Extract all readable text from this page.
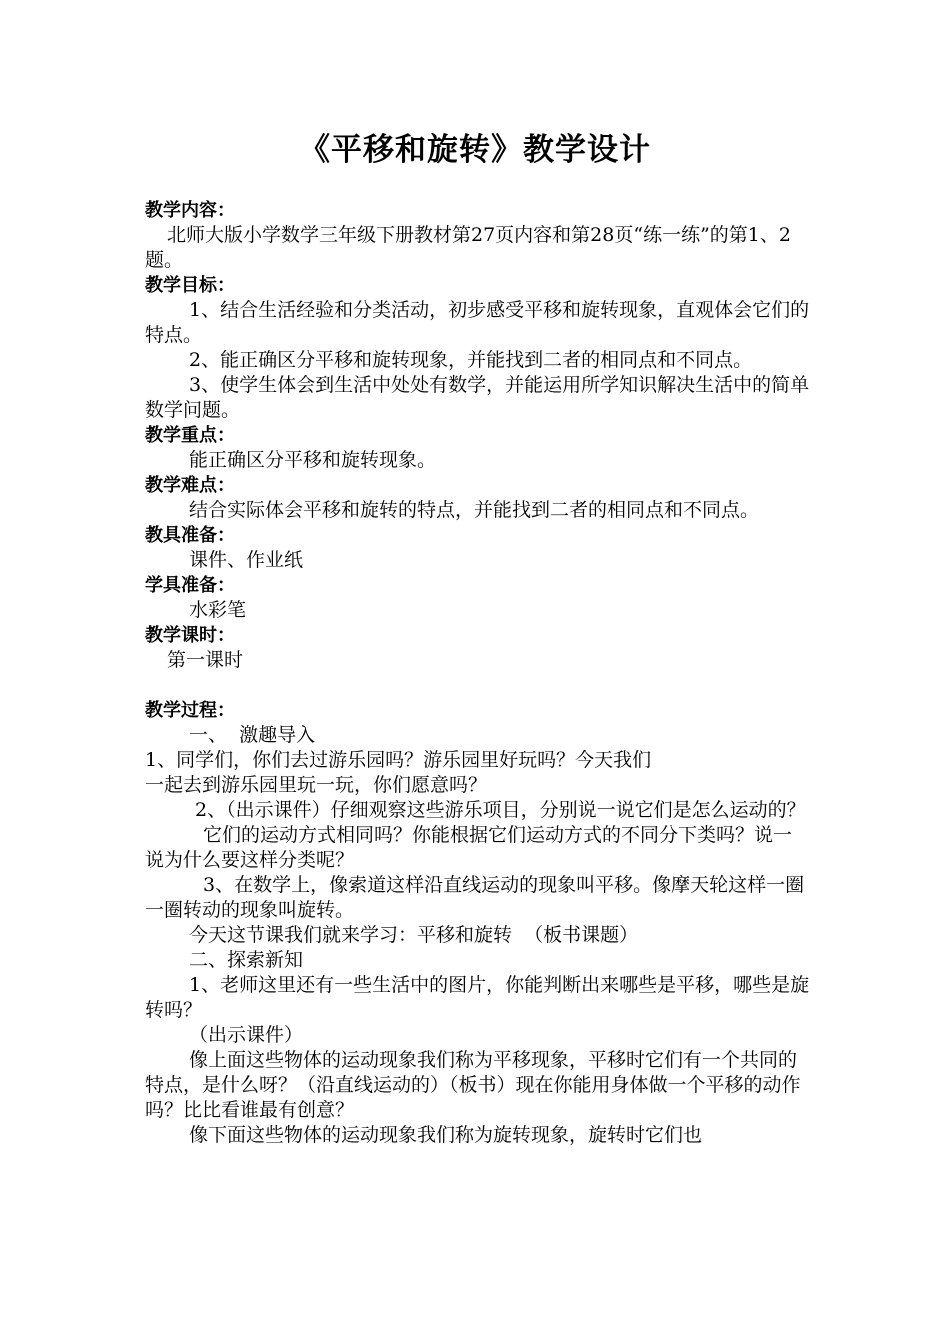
《平移和旋转》教学设计

教学内容：

北师大版小学数学三年级下册教材第27页内容和第28页“练一练”的第1、2题。

教学目标：

1、结合生活经验和分类活动，初步感受平移和旋转现象，直观体会它们的特点。

2、能正确区分平移和旋转现象，并能找到二者的相同点和不同点。

3、使学生体会到生活中处处有数学，并能运用所学知识解决生活中的简单数学问题。

教学重点：

能正确区分平移和旋转现象。

教学难点：

结合实际体会平移和旋转的特点，并能找到二者的相同点和不同点。

教具准备：

课件、作业纸

学具准备：

水彩笔

教学课时：

第一课时

教学过程：

一、  激趣导入

1、同学们，你们去过游乐园吗？游乐园里好玩吗？今天我们

一起去到游乐园里玩一玩，你们愿意吗？

2、（出示课件）仔细观察这些游乐项目，分别说一说它们是怎么运动的？

它们的运动方式相同吗？你能根据它们运动方式的不同分下类吗？说一说为什么要这样分类呢？

3、在数学上，像索道这样沿直线运动的现象叫平移。像摩天轮这样一圈一圈转动的现象叫旋转。

今天这节课我们就来学习：平移和旋转  （板书课题）

二、探索新知

1、老师这里还有一些生活中的图片，你能判断出来哪些是平移，哪些是旋转吗？

（出示课件）

像上面这些物体的运动现象我们称为平移现象，平移时它们有一个共同的特点，是什么呀？（沿直线运动的）（板书）现在你能用身体做一个平移的动作吗？比比看谁最有创意？

像下面这些物体的运动现象我们称为旋转现象，旋转时它们也
